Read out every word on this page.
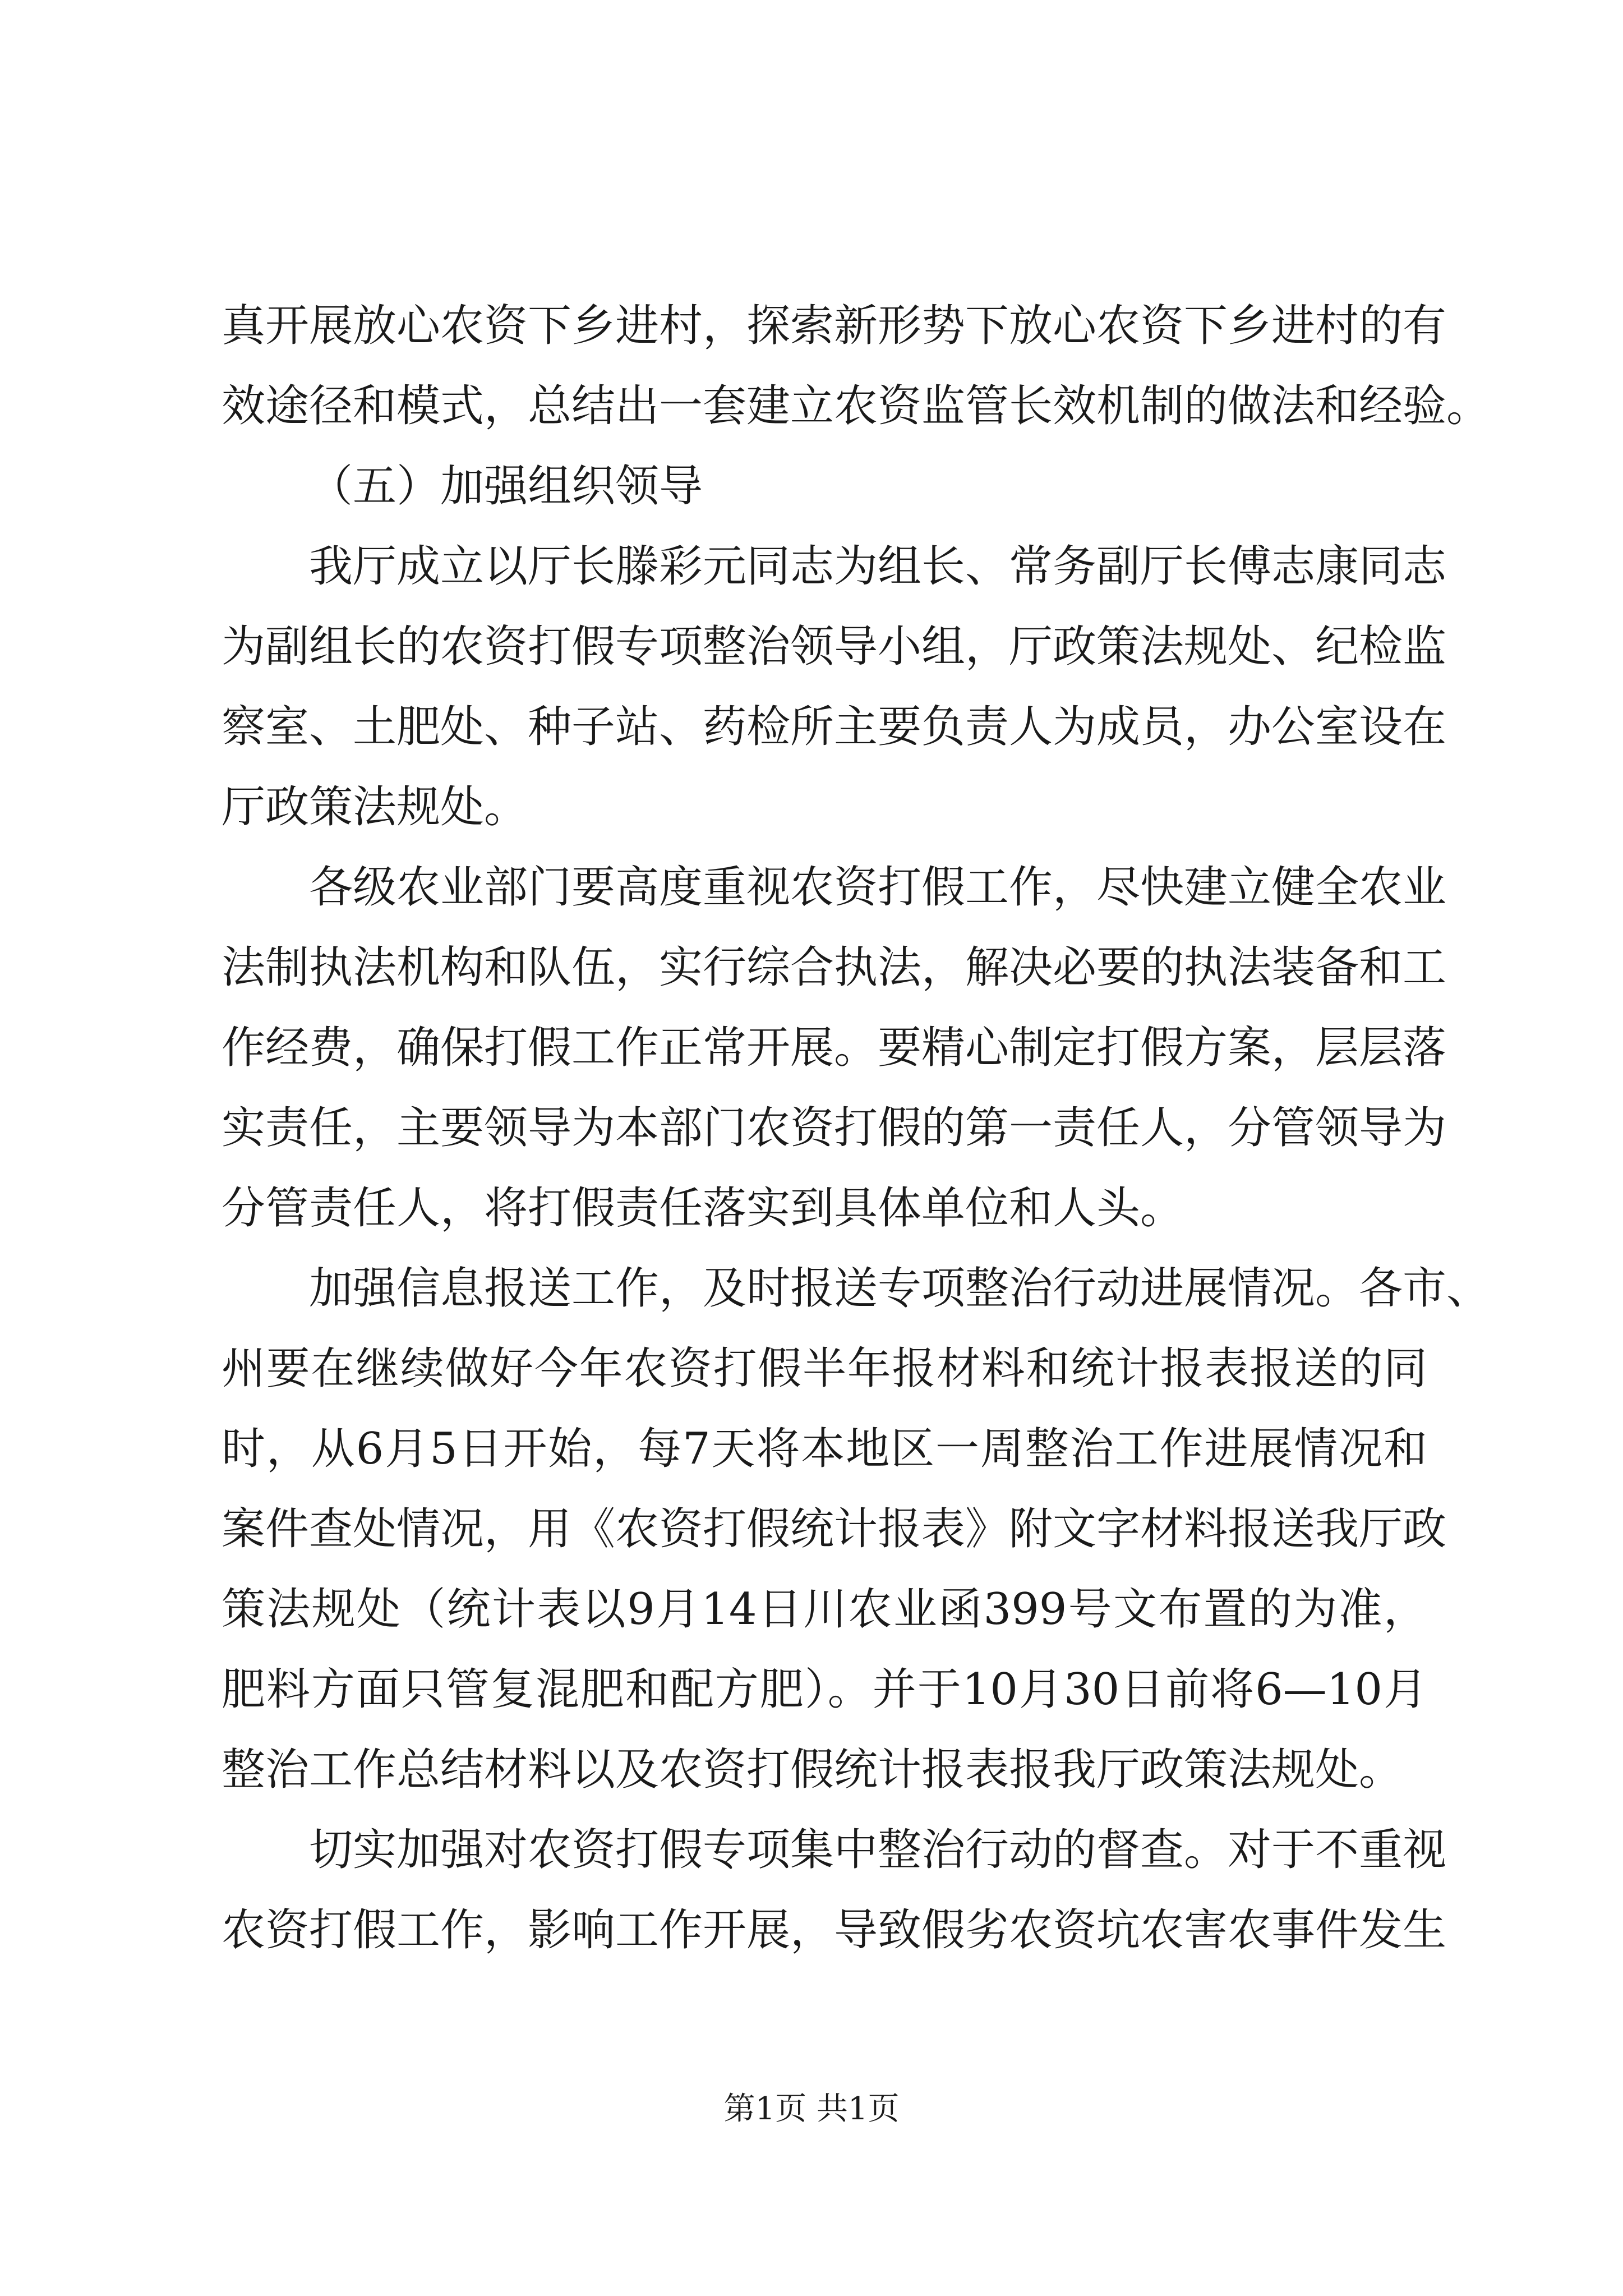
真开展放心农资下乡进村，探索新形势下放心农资下乡进村的有
效途径和模式，总结出一套建立农资监管长效机制的做法和经验。
（五）加强组织领导
我厅成立以厅长滕彩元同志为组长、常务副厅长傅志康同志
为副组长的农资打假专项整治领导小组，厅政策法规处、纪检监
察室、土肥处、种子站、药检所主要负责人为成员，办公室设在
厅政策法规处。
各级农业部门要高度重视农资打假工作，尽快建立健全农业
法制执法机构和队伍，实行综合执法，解决必要的执法装备和工
作经费，确保打假工作正常开展。要精心制定打假方案，层层落
实责任，主要领导为本部门农资打假的第一责任人，分管领导为
分管责任人，将打假责任落实到具体单位和人头。
加强信息报送工作，及时报送专项整治行动进展情况。各市、
州要在继续做好今年农资打假半年报材料和统计报表报送的同
时，从6月5日开始，每7天将本地区一周整治工作进展情况和
案件查处情况，用《农资打假统计报表》附文字材料报送我厅政
策法规处（统计表以9月14日川农业函399号文布置的为准，
肥料方面只管复混肥和配方肥）。并于10月30日前将6—10月
整治工作总结材料以及农资打假统计报表报我厅政策法规处。
切实加强对农资打假专项集中整治行动的督查。对于不重视
农资打假工作，影响工作开展，导致假劣农资坑农害农事件发生
第1页 共1页
